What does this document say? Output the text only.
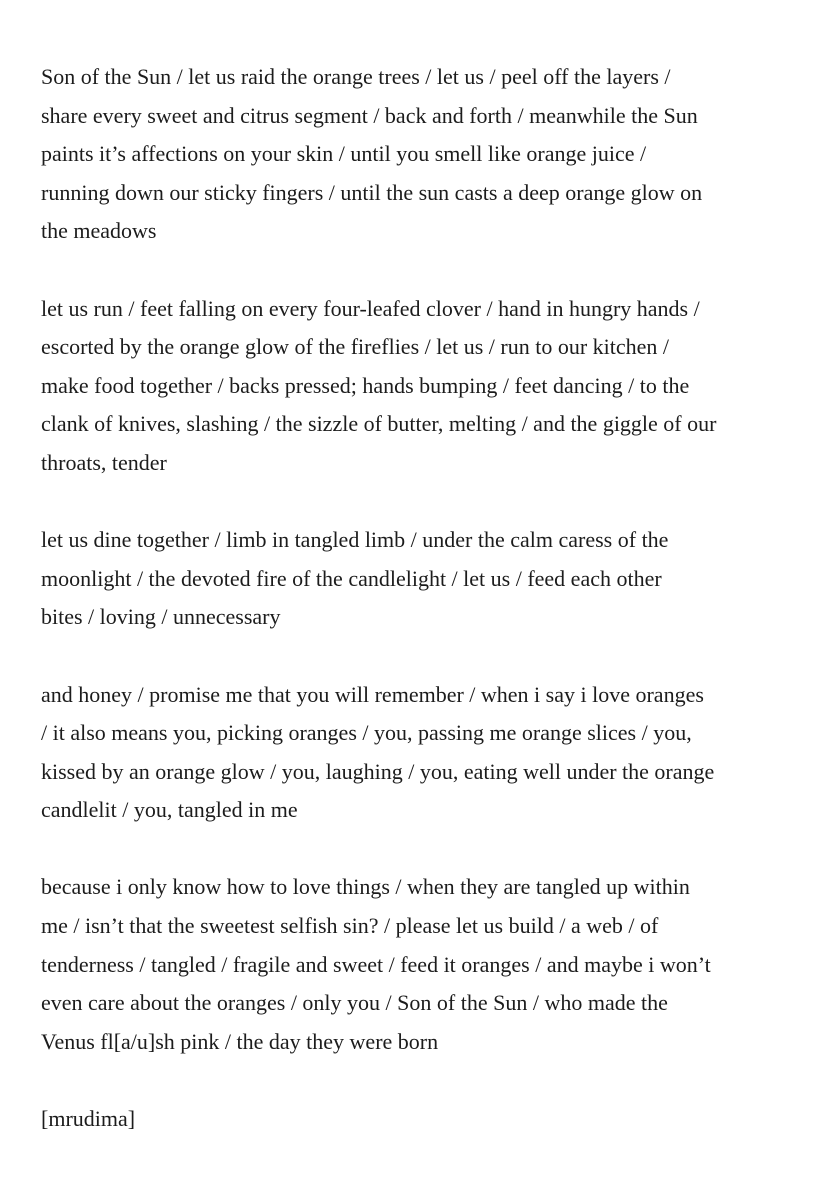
Son of the Sun / let us raid the orange trees / let us / peel off the layers /
share every sweet and citrus segment / back and forth / meanwhile the Sun
paints it’s affections on your skin / until you smell like orange juice /
running down our sticky fingers / until the sun casts a deep orange glow on
the meadows
let us run / feet falling on every four-leafed clover / hand in hungry hands /
escorted by the orange glow of the fireflies / let us / run to our kitchen /
make food together / backs pressed; hands bumping / feet dancing / to the
clank of knives, slashing / the sizzle of butter, melting / and the giggle of our
throats, tender
let us dine together / limb in tangled limb / under the calm caress of the
moonlight / the devoted fire of the candlelight / let us / feed each other
bites / loving / unnecessary
and honey / promise me that you will remember / when i say i love oranges
/ it also means you, picking oranges / you, passing me orange slices / you,
kissed by an orange glow / you, laughing / you, eating well under the orange
candlelit / you, tangled in me
because i only know how to love things / when they are tangled up within
me / isn’t that the sweetest selfish sin? / please let us build / a web / of
tenderness / tangled / fragile and sweet / feed it oranges / and maybe i won’t
even care about the oranges / only you / Son of the Sun / who made the
Venus fl[a/u]sh pink / the day they were born

[mrudima]
